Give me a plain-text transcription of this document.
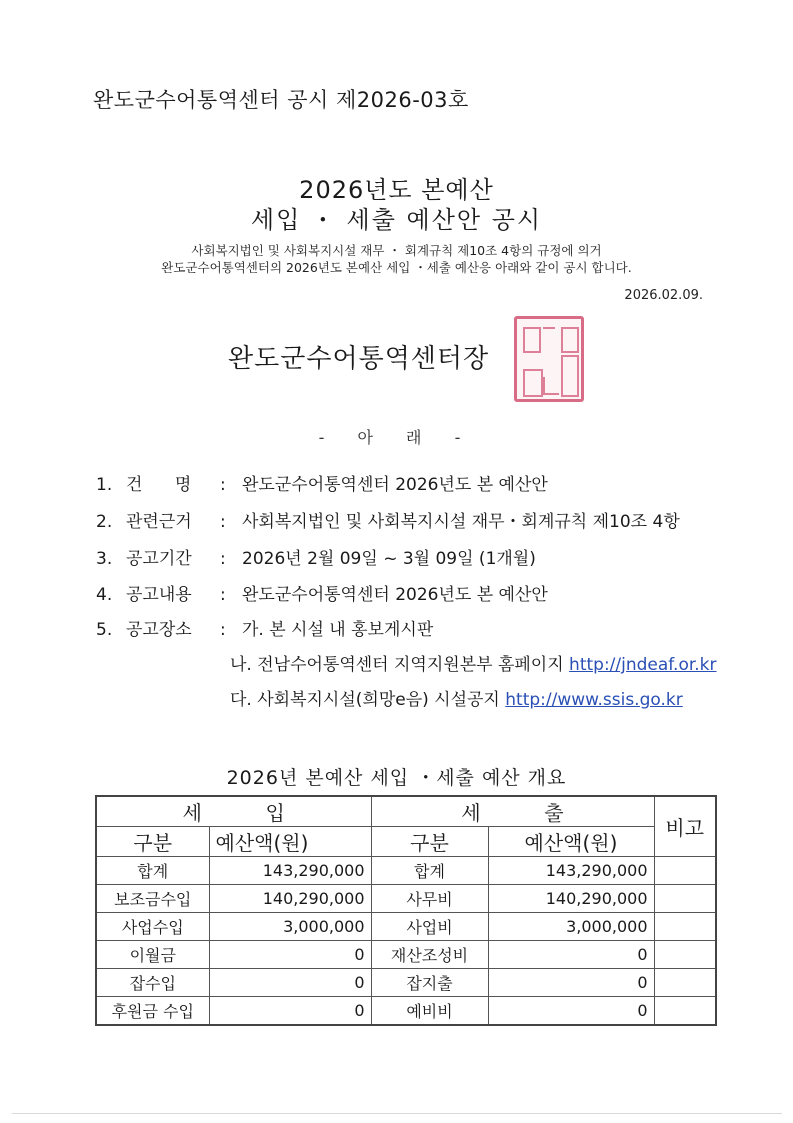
완도군수어통역센터 공시 제2026-03호
2026년도 본예산
세입 ・ 세출 예산안 공시
사회복지법인 및 사회복지시설 재무 ・ 회계규칙 제10조 4항의 규정에 의거
완도군수어통역센터의 2026년도 본예산 세입 ・세출 예산응 아래와 같이 공시 합니다.
2026.02.09.
완도군수어통역센터장
- 아 래 -
1. 건      명 : 완도군수어통역센터 2026년도 본 예산안
2. 관련근거 : 사회복지법인 및 사회복지시설 재무・회계규칙 제10조 4항
3. 공고기간 : 2026년 2월 09일 ~ 3월 09일 (1개월)
4. 공고내용 : 완도군수어통역센터 2026년도 본 예산안
5. 공고장소 : 가. 본 시설 내 홍보게시판
나. 전남수어통역센터 지역지원본부 홈페이지 http://jndeaf.or.kr
다. 사회복지시설(희망e음) 시설공지 http://www.ssis.go.kr
2026년 본예산 세입 ・세출 예산 개요
세          입		세          출		비고
구분	예산액(원)	구분	예산액(원)	
합계	143,290,000	합계	143,290,000	
보조금수입	140,290,000	사무비	140,290,000	
사업수입	3,000,000	사업비	3,000,000	
이월금	0	재산조성비	0	
잡수입	0	잡지출	0	
후원금 수입	0	예비비	0	
